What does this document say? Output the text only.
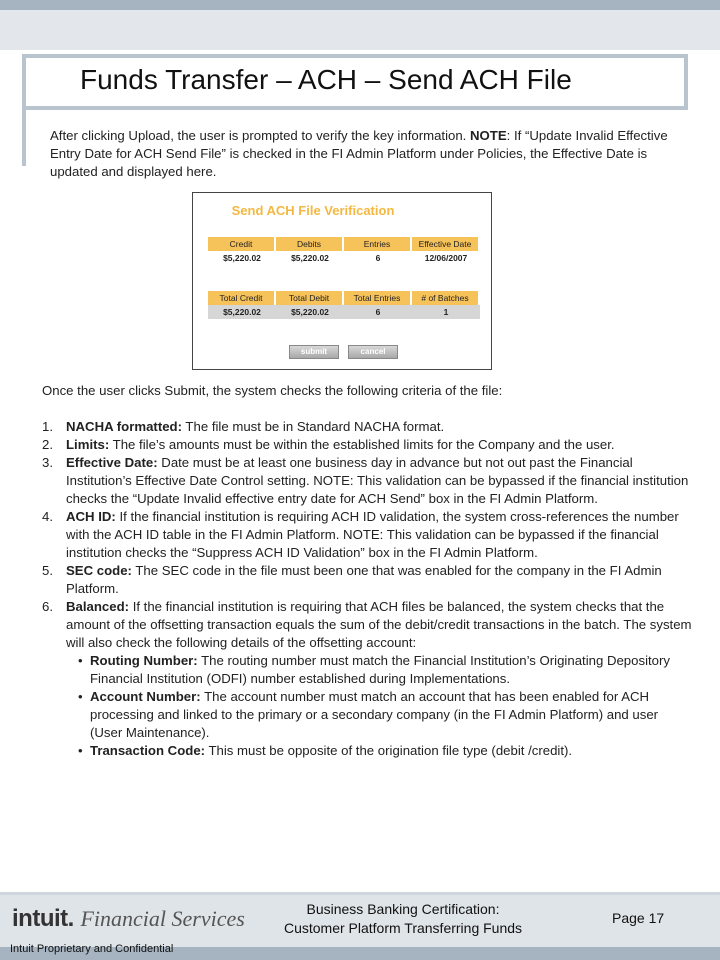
Funds Transfer – ACH – Send ACH File
After clicking Upload, the user is prompted to verify the key information. NOTE: If “Update Invalid Effective Entry Date for ACH Send File” is checked in the FI Admin Platform under Policies, the Effective Date is updated and displayed here.
Send ACH File Verification
Credit	Debits	Entries	Effective Date
$5,220.02	$5,220.02	6	12/06/2007
Total Credit	Total Debit	Total Entries	# of Batches
$5,220.02	$5,220.02	6	1
submit	cancel

Once the user clicks Submit, the system checks the following criteria of the file:

1. NACHA formatted: The file must be in Standard NACHA format.
2. Limits: The file’s amounts must be within the established limits for the Company and the user.
3. Effective Date: Date must be at least one business day in advance but not out past the Financial Institution’s Effective Date Control setting. NOTE: This validation can be bypassed if the financial institution checks the “Update Invalid effective entry date for ACH Send” box in the FI Admin Platform.
4. ACH ID: If the financial institution is requiring ACH ID validation, the system cross-references the number with the ACH ID table in the FI Admin Platform. NOTE: This validation can be bypassed if the financial institution checks the “Suppress ACH ID Validation” box in the FI Admin Platform.
5. SEC code: The SEC code in the file must been one that was enabled for the company in the FI Admin Platform.
6. Balanced: If the financial institution is requiring that ACH files be balanced, the system checks that the amount of the offsetting transaction equals the sum of the debit/credit transactions in the batch. The system will also check the following details of the offsetting account:
• Routing Number: The routing number must match the Financial Institution’s Originating Depository Financial Institution (ODFI) number established during Implementations.
• Account Number: The account number must match an account that has been enabled for ACH processing and linked to the primary or a secondary company (in the FI Admin Platform) and user (User Maintenance).
• Transaction Code: This must be opposite of the origination file type (debit /credit).
intuit. Financial Services
Intuit Proprietary and Confidential
Business Banking Certification:
Customer Platform Transferring Funds
Page 17
